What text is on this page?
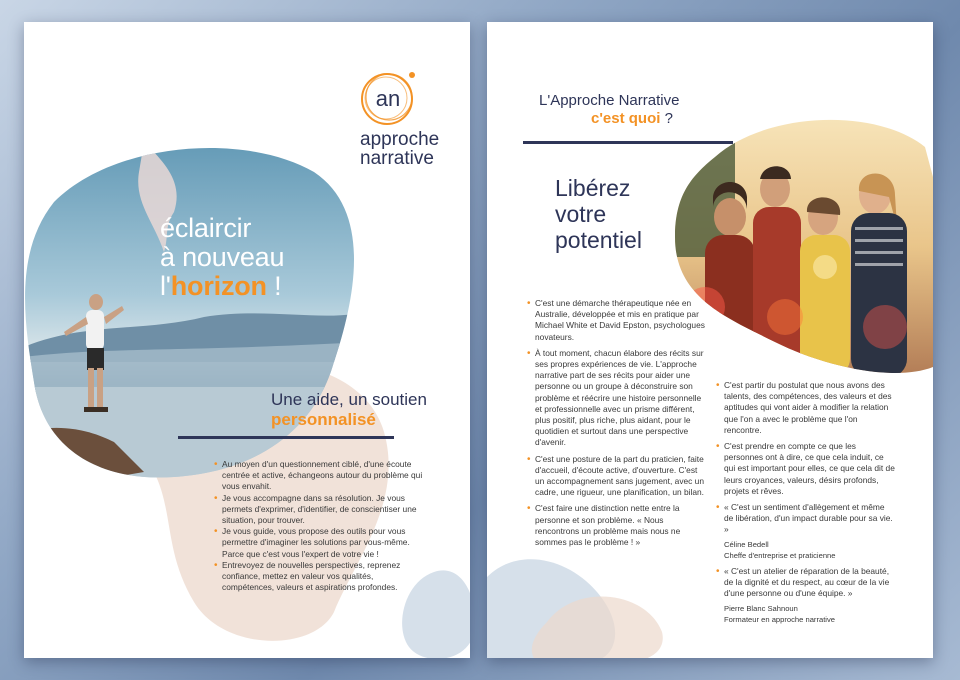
an
approche
narrative
éclaircir
à nouveau
l'horizon !
Une aide, un soutien
personnalisé
• Au moyen d'un questionnement ciblé, d'une écoute centrée et active, échangeons autour du problème qui vous envahit.
• Je vous accompagne dans sa résolution. Je vous permets d'exprimer, d'identifier, de conscientiser une situation, pour trouver.
• Je vous guide, vous propose des outils pour vous permettre d'imaginer les solutions par vous-même. Parce que c'est vous l'expert de votre vie !
• Entrevoyez de nouvelles perspectives, reprenez confiance, mettez en valeur vos qualités, compétences, valeurs et aspirations profondes.
L'Approche Narrative
c'est quoi ?
Libérez
votre
potentiel
• C'est une démarche thérapeutique née en Australie, développée et mis en pratique par Michael White et David Epston, psychologues novateurs.
• À tout moment, chacun élabore des récits sur ses propres expériences de vie. L'approche narrative part de ses récits pour aider une personne ou un groupe à déconstruire son problème et réécrire une histoire personnelle et professionnelle avec un prisme différent, plus positif, plus riche, plus aidant, pour le quotidien et surtout dans une perspective d'avenir.
• C'est une posture de la part du praticien, faite d'accueil, d'écoute active, d'ouverture. C'est un accompagnement sans jugement, avec un cadre, une rigueur, une planification, un bilan.
• C'est faire une distinction nette entre la personne et son problème. « Nous rencontrons un problème mais nous ne sommes pas le problème ! »
• C'est partir du postulat que nous avons des talents, des compétences, des valeurs et des aptitudes qui vont aider à modifier la relation que l'on a avec le problème que l'on rencontre.
• C'est prendre en compte ce que les personnes ont à dire, ce que cela induit, ce qui est important pour elles, ce que cela dit de leurs croyances, valeurs, désirs profonds, projets et rêves.
• « C'est un sentiment d'allègement et même de libération, d'un impact durable pour sa vie. »
Céline Bedell
Cheffe d'entreprise et praticienne
• « C'est un atelier de réparation de la beauté, de la dignité et du respect, au cœur de la vie d'une personne ou d'une équipe. »
Pierre Blanc Sahnoun
Formateur en approche narrative
